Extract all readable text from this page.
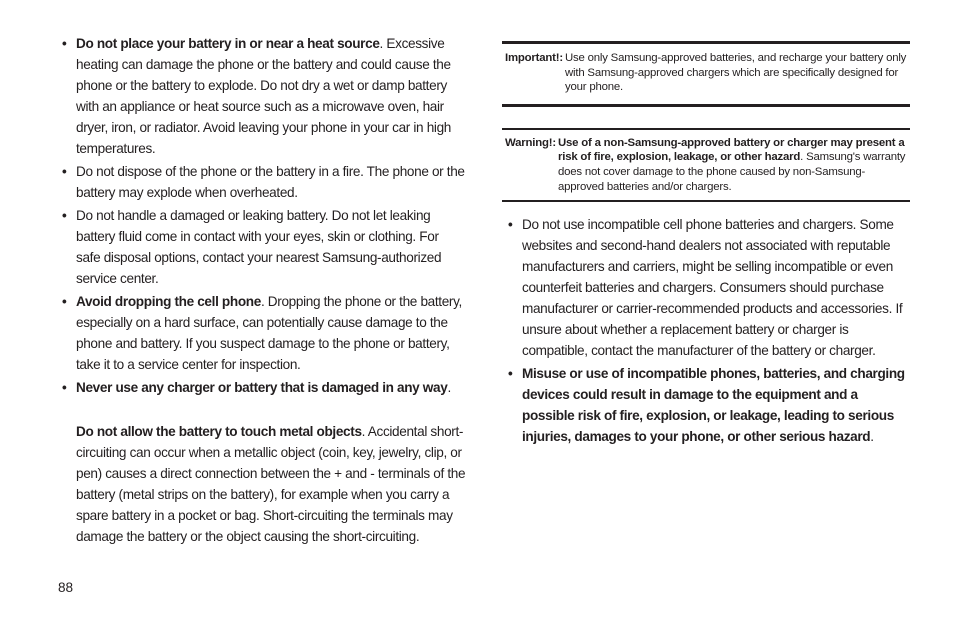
• Do not place your battery in or near a heat source. Excessive heating can damage the phone or the battery and could cause the phone or the battery to explode. Do not dry a wet or damp battery with an appliance or heat source such as a microwave oven, hair dryer, iron, or radiator. Avoid leaving your phone in your car in high temperatures.
• Do not dispose of the phone or the battery in a fire. The phone or the battery may explode when overheated.
• Do not handle a damaged or leaking battery. Do not let leaking battery fluid come in contact with your eyes, skin or clothing. For safe disposal options, contact your nearest Samsung-authorized service center.
• Avoid dropping the cell phone. Dropping the phone or the battery, especially on a hard surface, can potentially cause damage to the phone and battery. If you suspect damage to the phone or battery, take it to a service center for inspection.
• Never use any charger or battery that is damaged in any way.
Do not allow the battery to touch metal objects. Accidental short-circuiting can occur when a metallic object (coin, key, jewelry, clip, or pen) causes a direct connection between the + and - terminals of the battery (metal strips on the battery), for example when you carry a spare battery in a pocket or bag. Short-circuiting the terminals may damage the battery or the object causing the short-circuiting.
Important!: Use only Samsung-approved batteries, and recharge your battery only with Samsung-approved chargers which are specifically designed for your phone.
Warning!: Use of a non-Samsung-approved battery or charger may present a risk of fire, explosion, leakage, or other hazard. Samsung's warranty does not cover damage to the phone caused by non-Samsung-approved batteries and/or chargers.
• Do not use incompatible cell phone batteries and chargers. Some websites and second-hand dealers not associated with reputable manufacturers and carriers, might be selling incompatible or even counterfeit batteries and chargers. Consumers should purchase manufacturer or carrier-recommended products and accessories. If unsure about whether a replacement battery or charger is compatible, contact the manufacturer of the battery or charger.
• Misuse or use of incompatible phones, batteries, and charging devices could result in damage to the equipment and a possible risk of fire, explosion, or leakage, leading to serious injuries, damages to your phone, or other serious hazard.
88
